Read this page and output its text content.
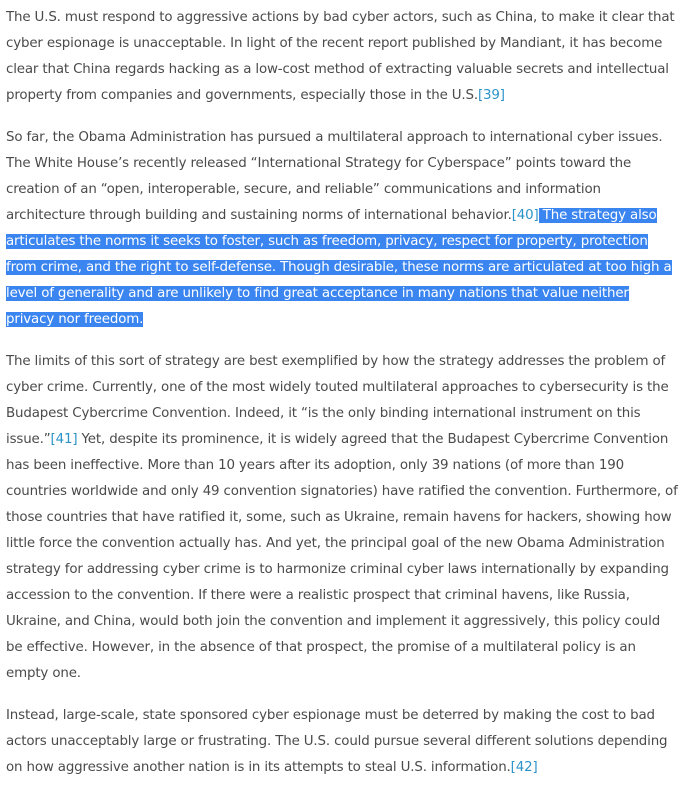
The U.S. must respond to aggressive actions by bad cyber actors, such as China, to make it clear that cyber espionage is unacceptable. In light of the recent report published by Mandiant, it has become clear that China regards hacking as a low-cost method of extracting valuable secrets and intellectual property from companies and governments, especially those in the U.S.[39]

So far, the Obama Administration has pursued a multilateral approach to international cyber issues. The White House’s recently released “International Strategy for Cyberspace” points toward the creation of an “open, interoperable, secure, and reliable” communications and information architecture through building and sustaining norms of international behavior.[40] The strategy also articulates the norms it seeks to foster, such as freedom, privacy, respect for property, protection from crime, and the right to self-defense. Though desirable, these norms are articulated at too high a level of generality and are unlikely to find great acceptance in many nations that value neither privacy nor freedom.

The limits of this sort of strategy are best exemplified by how the strategy addresses the problem of cyber crime. Currently, one of the most widely touted multilateral approaches to cybersecurity is the Budapest Cybercrime Convention. Indeed, it “is the only binding international instrument on this issue.”[41] Yet, despite its prominence, it is widely agreed that the Budapest Cybercrime Convention has been ineffective. More than 10 years after its adoption, only 39 nations (of more than 190 countries worldwide and only 49 convention signatories) have ratified the convention. Furthermore, of those countries that have ratified it, some, such as Ukraine, remain havens for hackers, showing how little force the convention actually has. And yet, the principal goal of the new Obama Administration strategy for addressing cyber crime is to harmonize criminal cyber laws internationally by expanding accession to the convention. If there were a realistic prospect that criminal havens, like Russia, Ukraine, and China, would both join the convention and implement it aggressively, this policy could be effective. However, in the absence of that prospect, the promise of a multilateral policy is an empty one.

Instead, large-scale, state sponsored cyber espionage must be deterred by making the cost to bad actors unacceptably large or frustrating. The U.S. could pursue several different solutions depending on how aggressive another nation is in its attempts to steal U.S. information.[42]
